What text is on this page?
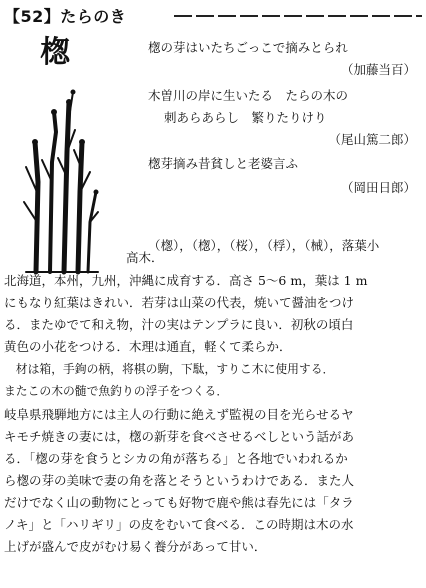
【52】たらのき
楤	楤の芽はいたちごっこで摘みとられ
（加藤当百）
木曽川の岸に生いたる　たらの木の
刺あらあらし　繁りたりけり
（尾山篤二郎）
楤芽摘み昔貧しと老婆言ふ
（岡田日郎）
（楤），（楤），（桜），（桴），（械），落葉小
高木．
北海道，本州，九州，沖縄に成育する．高さ 5～6 m，葉は 1 m
にもなり紅葉はきれい．若芽は山菜の代表，焼いて醤油をつけ
る．またゆでて和え物，汁の実はテンプラに良い．初秋の頃白
黄色の小花をつける．木理は通直，軽くて柔らか．
　材は箱，手鉤の柄，将棋の駒，下駄，すりこ木に使用する．
またこの木の髄で魚釣りの浮子をつくる．
岐阜県飛騨地方には主人の行動に絶えず監視の目を光らせるヤ
キモチ焼きの妻には，楤の新芽を食べさせるべしという話があ
る．「楤の芽を食うとシカの角が落ちる」と各地でいわれるか
ら楤の芽の美味で妻の角を落とそうというわけである．また人
だけでなく山の動物にとっても好物で鹿や熊は春先には「タラ
ノキ」と「ハリギリ」の皮をむいて食べる．この時期は木の水
上げが盛んで皮がむけ易く養分があって甘い．
